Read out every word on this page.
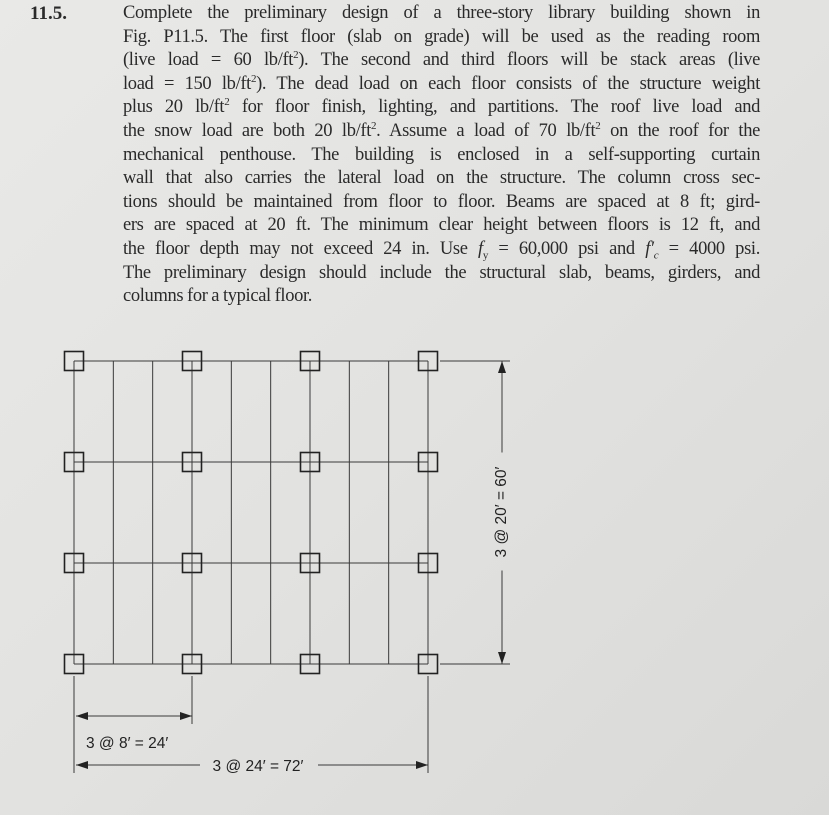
11.5.	Complete the preliminary design of a three-story library building shown in
Fig. P11.5. The first floor (slab on grade) will be used as the reading room
(live load = 60 $lb/ft^2$). The second and third floors will be stack areas (live
load = 150 $lb/ft^2$). The dead load on each floor consists of the structure weight
plus 20 $lb/ft^2$ for floor finish, lighting, and partitions. The roof live load and
the snow load are both 20 $lb/ft^2$. Assume a load of 70 $lb/ft^2$ on the roof for the
mechanical penthouse. The building is enclosed in a self-supporting curtain
wall that also carries the lateral load on the structure. The column cross sec-
tions should be maintained from floor to floor. Beams are spaced at 8 ft; gird-
ers are spaced at 20 ft. The minimum clear height between floors is 12 ft, and
the floor depth may not exceed 24 in. Use $f_y = 60,000$ psi and $f'_c = 4000$ psi.
The preliminary design should include the structural slab, beams, girders, and
columns for a typical floor.
3 @ 20′ = 60′
3 @ 8′ = 24′
3 @ 24′ = 72′
